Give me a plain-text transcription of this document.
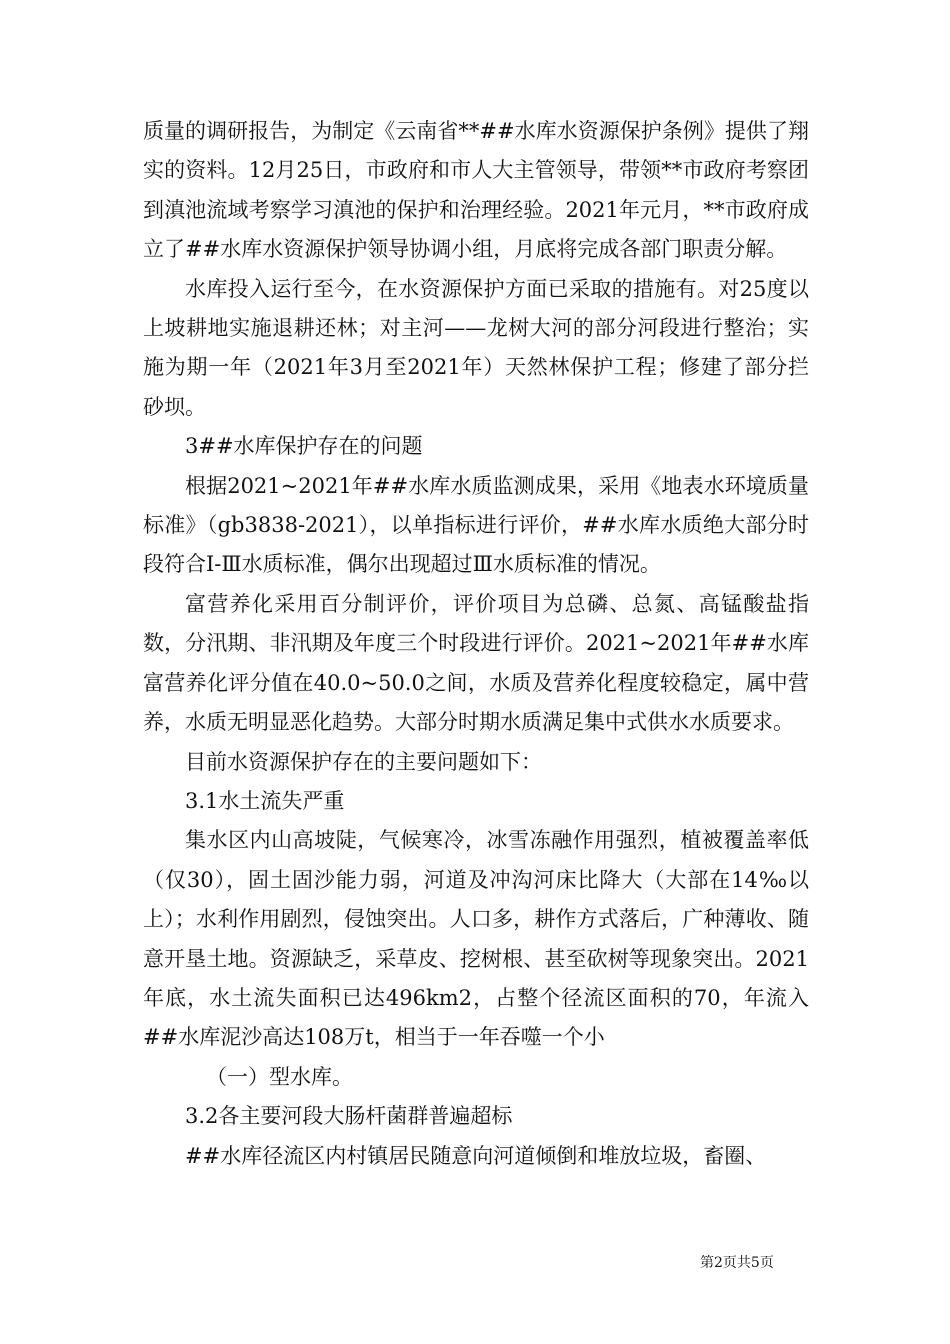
质量的调研报告，为制定《云南省**##水库水资源保护条例》提供了翔实的资料。12月25日，市政府和市人大主管领导，带领**市政府考察团到滇池流域考察学习滇池的保护和治理经验。2021年元月，**市政府成立了##水库水资源保护领导协调小组，月底将完成各部门职责分解。

水库投入运行至今，在水资源保护方面已采取的措施有。对25度以上坡耕地实施退耕还林；对主河——龙树大河的部分河段进行整治；实施为期一年（2021年3月至2021年）天然林保护工程；修建了部分拦砂坝。

3##水库保护存在的问题

根据2021~2021年##水库水质监测成果，采用《地表水环境质量标准》（gb3838-2021），以单指标进行评价，##水库水质绝大部分时段符合Ⅰ-Ⅲ水质标准，偶尔出现超过Ⅲ水质标准的情况。

富营养化采用百分制评价，评价项目为总磷、总氮、高锰酸盐指数，分汛期、非汛期及年度三个时段进行评价。2021~2021年##水库富营养化评分值在40.0~50.0之间，水质及营养化程度较稳定，属中营养，水质无明显恶化趋势。大部分时期水质满足集中式供水水质要求。

目前水资源保护存在的主要问题如下：

3.1水土流失严重

集水区内山高坡陡，气候寒冷，冰雪冻融作用强烈，植被覆盖率低（仅30），固土固沙能力弱，河道及冲沟河床比降大（大部在14‰以上）；水利作用剧烈，侵蚀突出。人口多，耕作方式落后，广种薄收、随意开垦土地。资源缺乏，采草皮、挖树根、甚至砍树等现象突出。2021年底，水土流失面积已达496km2，占整个径流区面积的70，年流入##水库泥沙高达108万t，相当于一年吞噬一个小

（一）型水库。

3.2各主要河段大肠杆菌群普遍超标

##水库径流区内村镇居民随意向河道倾倒和堆放垃圾，畜圈、

第2页共5页
